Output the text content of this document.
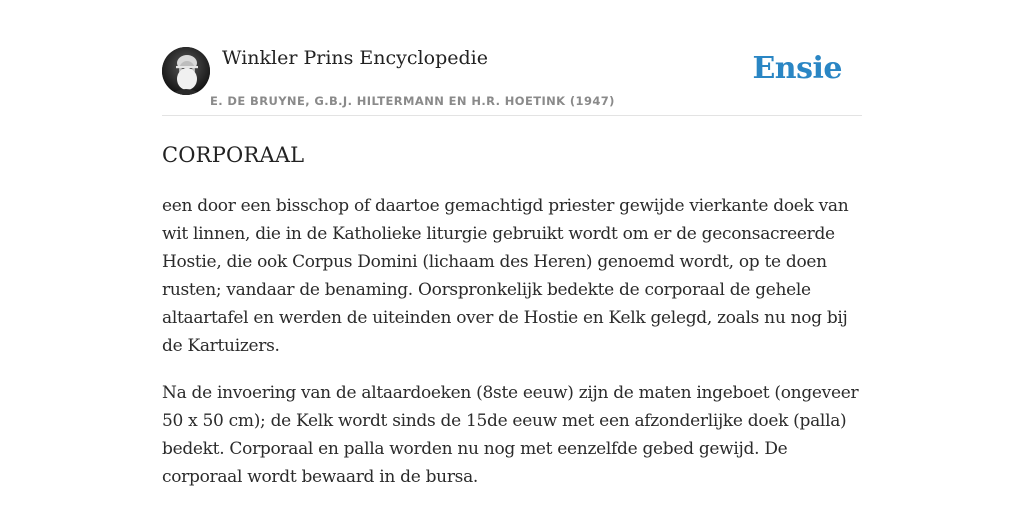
Winkler Prins Encyclopedie
E. DE BRUYNE, G.B.J. HILTERMANN EN H.R. HOETINK (1947)
Ensie
CORPORAAL

een door een bisschop of daartoe gemachtigd priester gewijde vierkante doek van wit linnen, die in de Katholieke liturgie gebruikt wordt om er de geconsacreerde Hostie, die ook Corpus Domini (lichaam des Heren) genoemd wordt, op te doen rusten; vandaar de benaming. Oorspronkelijk bedekte de corporaal de gehele altaartafel en werden de uiteinden over de Hostie en Kelk gelegd, zoals nu nog bij de Kartuizers.

Na de invoering van de altaardoeken (8ste eeuw) zijn de maten ingeboet (ongeveer 50 x 50 cm); de Kelk wordt sinds de 15de eeuw met een afzonderlijke doek (palla) bedekt. Corporaal en palla worden nu nog met eenzelfde gebed gewijd. De corporaal wordt bewaard in de bursa.
